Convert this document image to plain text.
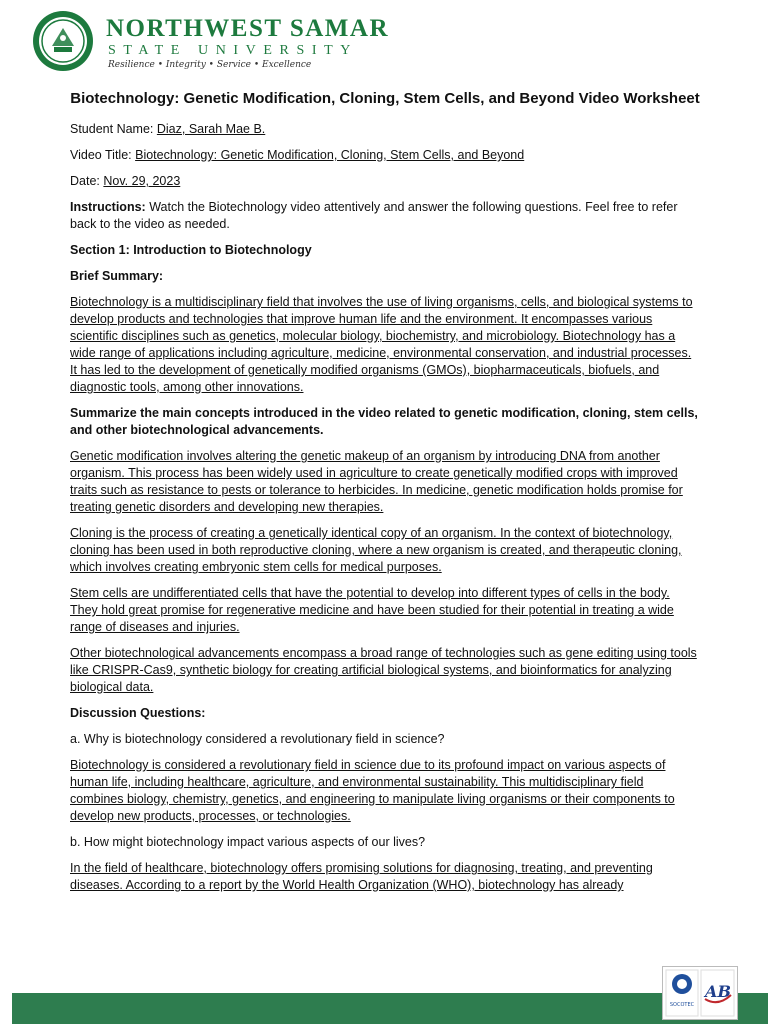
NORTHWEST SAMAR
STATE UNIVERSITY
Resilience • Integrity • Service • Excellence
Biotechnology: Genetic Modification, Cloning, Stem Cells, and Beyond Video Worksheet

Student Name: Diaz, Sarah Mae B.

Video Title: Biotechnology: Genetic Modification, Cloning, Stem Cells, and Beyond

Date: Nov. 29, 2023

Instructions: Watch the Biotechnology video attentively and answer the following questions. Feel free to refer back to the video as needed.

Section 1: Introduction to Biotechnology

Brief Summary:

Biotechnology is a multidisciplinary field that involves the use of living organisms, cells, and biological systems to develop products and technologies that improve human life and the environment. It encompasses various scientific disciplines such as genetics, molecular biology, biochemistry, and microbiology. Biotechnology has a wide range of applications including agriculture, medicine, environmental conservation, and industrial processes. It has led to the development of genetically modified organisms (GMOs), biopharmaceuticals, biofuels, and diagnostic tools, among other innovations.

Summarize the main concepts introduced in the video related to genetic modification, cloning, stem cells, and other biotechnological advancements.

Genetic modification involves altering the genetic makeup of an organism by introducing DNA from another organism. This process has been widely used in agriculture to create genetically modified crops with improved traits such as resistance to pests or tolerance to herbicides. In medicine, genetic modification holds promise for treating genetic disorders and developing new therapies.

Cloning is the process of creating a genetically identical copy of an organism. In the context of biotechnology, cloning has been used in both reproductive cloning, where a new organism is created, and therapeutic cloning, which involves creating embryonic stem cells for medical purposes.

Stem cells are undifferentiated cells that have the potential to develop into different types of cells in the body. They hold great promise for regenerative medicine and have been studied for their potential in treating a wide range of diseases and injuries.

Other biotechnological advancements encompass a broad range of technologies such as gene editing using tools like CRISPR-Cas9, synthetic biology for creating artificial biological systems, and bioinformatics for analyzing biological data.

Discussion Questions:

a. Why is biotechnology considered a revolutionary field in science?

Biotechnology is considered a revolutionary field in science due to its profound impact on various aspects of human life, including healthcare, agriculture, and environmental sustainability. This multidisciplinary field combines biology, chemistry, genetics, and engineering to manipulate living organisms or their components to develop new products, processes, or technologies.

b. How might biotechnology impact various aspects of our lives?

In the field of healthcare, biotechnology offers promising solutions for diagnosing, treating, and preventing diseases. According to a report by the World Health Organization (WHO), biotechnology has already

SOCOTEC
AB
